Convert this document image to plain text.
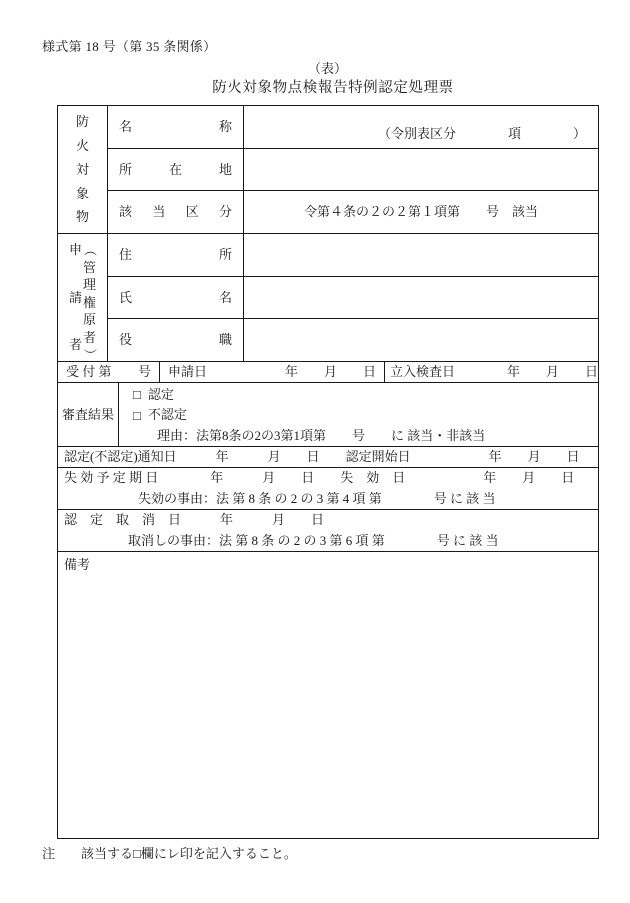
様式第 18 号（第 35 条関係）
（表）
防火対象物点検報告特例認定処理票
防
火
対
象
物
名	称	（令別表区分　　　　項　　　　）
所	在	地
該 当 区 分	令第４条の２の２第１項第　　号　該当
申
請
者
（
管
理
権
原
者
）
住	所
氏	名
役	職
受 付 第 号	申請日　　　　　　年　　月　　日	立入検査日　　　　年　　月　　日
審査結果
□ 認定
□ 不認定
理由：法第8条の2の3第1項第　　号　　に 該当・非該当
認定(不認定)通知日　　　年　　　月　　日　　認定開始日　　　　　　年　　月　　日
失 効 予 定 期 日　　　　年　　　月　　日　　失　効　日　　　　　　年　　月　　日
失効の事由：法 第 8 条 の 2 の 3 第 4 項 第　　　　号 に 該 当
認　定　取　消　日　　　年　　　月　　日
取消しの事由：法 第 8 条 の 2 の 3 第 6 項 第　　　　号 に 該 当
備考
注 該当する□欄にレ印を記入すること。
